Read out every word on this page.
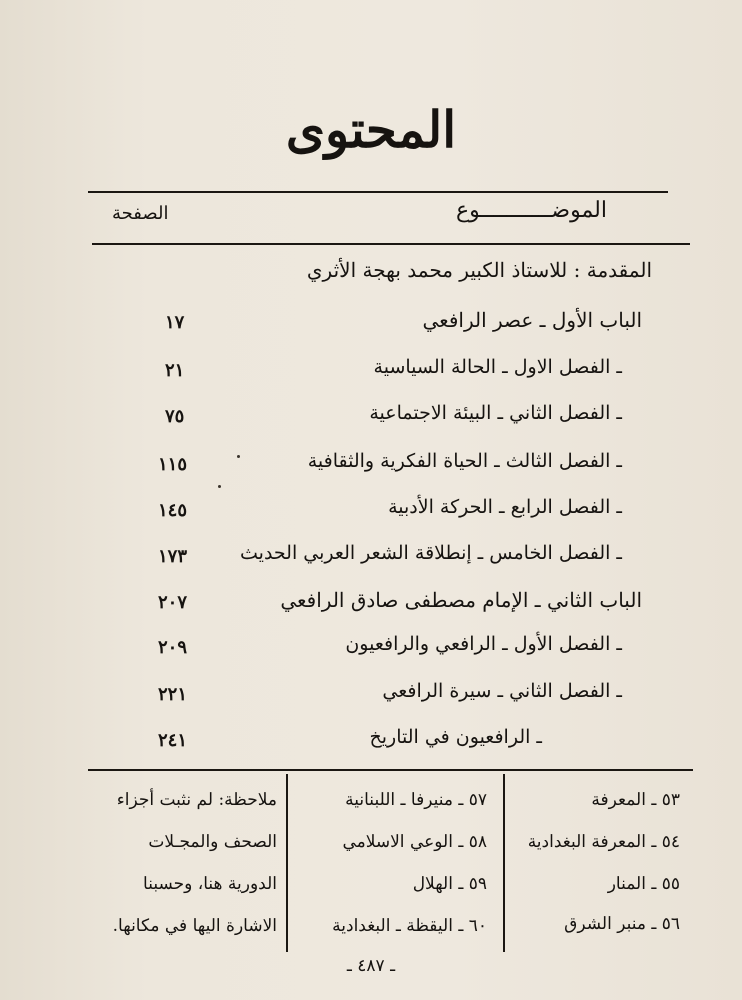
المحتوى
الموضـــــــــــوع
الصفحة
المقدمة : للاستاذ الكبير محمد بهجة الأثري
الباب الأول ـ عصر الرافعي
١٧
ـ الفصل الاول ـ الحالة السياسية
٢١
ـ الفصل الثاني ـ البيئة الاجتماعية
٧٥
ـ الفصل الثالث ـ الحياة الفكرية والثقافية
١١٥
ـ الفصل الرابع ـ الحركة الأدبية
١٤٥
ـ الفصل الخامس ـ إنطلاقة الشعر العربي الحديث
١٧٣
الباب الثاني ـ الإمام مصطفى صادق الرافعي
٢٠٧
ـ الفصل الأول ـ الرافعي والرافعيون
٢٠٩
ـ الفصل الثاني ـ سيرة الرافعي
٢٢١
ـ الرافعيون في التاريخ
٢٤١
٥٣ ـ المعرفة
٥٤ ـ المعرفة البغدادية
٥٥ ـ المنار
٥٦ ـ منبر الشرق
٥٧ ـ منيرفا ـ اللبنانية
٥٨ ـ الوعي الاسلامي
٥٩ ـ الهلال
٦٠ ـ اليقظة ـ البغدادية
ملاحظة: لم نثبت أجزاء
الصحف والمجـلات
الدورية هنا، وحسبنا
الاشارة اليها في مكانها.
ـ ٤٨٧ ـ
